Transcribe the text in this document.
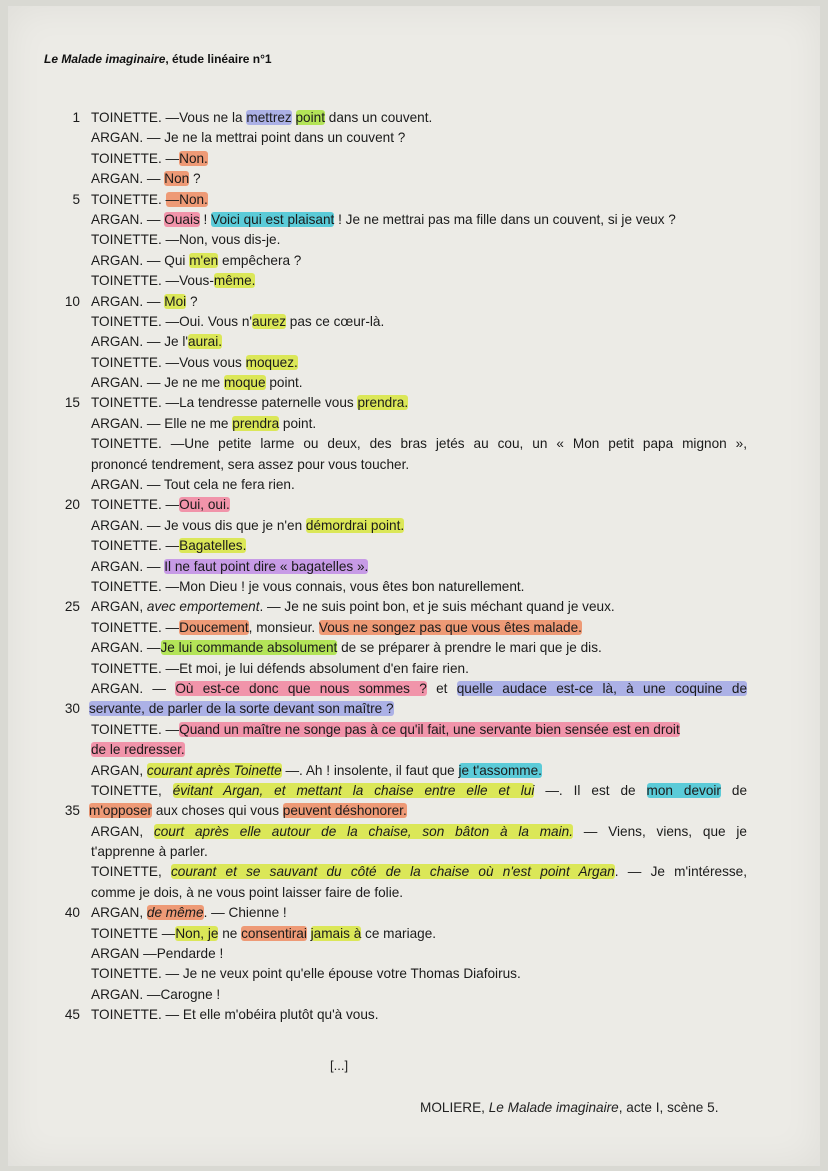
Le Malade imaginaire, étude linéaire n°1
1 TOINETTE. —Vous ne la mettrez point dans un couvent.
ARGAN. — Je ne la mettrai point dans un couvent ?
TOINETTE. —Non.
ARGAN. — Non ?
5 TOINETTE. —Non.
ARGAN. — Ouais ! Voici qui est plaisant ! Je ne mettrai pas ma fille dans un couvent, si je veux ?
TOINETTE. —Non, vous dis-je.
ARGAN. — Qui m'en empêchera ?
TOINETTE. —Vous-même.
10 ARGAN. — Moi ?
TOINETTE. —Oui. Vous n'aurez pas ce cœur-là.
ARGAN. — Je l'aurai.
TOINETTE. —Vous vous moquez.
ARGAN. — Je ne me moque point.
15 TOINETTE. —La tendresse paternelle vous prendra.
ARGAN. — Elle ne me prendra point.
TOINETTE. —Une petite larme ou deux, des bras jetés au cou, un « Mon petit papa mignon »,
prononcé tendrement, sera assez pour vous toucher.
ARGAN. — Tout cela ne fera rien.
20 TOINETTE. —Oui, oui.
ARGAN. — Je vous dis que je n'en démordrai point.
TOINETTE. —Bagatelles.
ARGAN. — Il ne faut point dire « bagatelles ».
TOINETTE. —Mon Dieu ! je vous connais, vous êtes bon naturellement.
25 ARGAN, avec emportement. — Je ne suis point bon, et je suis méchant quand je veux.
TOINETTE. —Doucement, monsieur. Vous ne songez pas que vous êtes malade.
ARGAN. —Je lui commande absolument de se préparer à prendre le mari que je dis.
TOINETTE. —Et moi, je lui défends absolument d'en faire rien.
ARGAN. — Où est-ce donc que nous sommes ? et quelle audace est-ce là, à une coquine de
30 servante, de parler de la sorte devant son maître ?
TOINETTE. —Quand un maître ne songe pas à ce qu'il fait, une servante bien sensée est en droit
de le redresser.
ARGAN, courant après Toinette —. Ah ! insolente, il faut que je t'assomme.
TOINETTE, évitant Argan, et mettant la chaise entre elle et lui —. Il est de mon devoir de
35 m'opposer aux choses qui vous peuvent déshonorer.
ARGAN, court après elle autour de la chaise, son bâton à la main. — Viens, viens, que je
t'apprenne à parler.
TOINETTE, courant et se sauvant du côté de la chaise où n'est point Argan. — Je m'intéresse,
comme je dois, à ne vous point laisser faire de folie.
40 ARGAN, de même. — Chienne !
TOINETTE —Non, je ne consentirai jamais à ce mariage.
ARGAN —Pendarde !
TOINETTE. — Je ne veux point qu'elle épouse votre Thomas Diafoirus.
ARGAN. —Carogne !
45 TOINETTE. — Et elle m'obéira plutôt qu'à vous.
[...]
MOLIERE, Le Malade imaginaire, acte I, scène 5.
